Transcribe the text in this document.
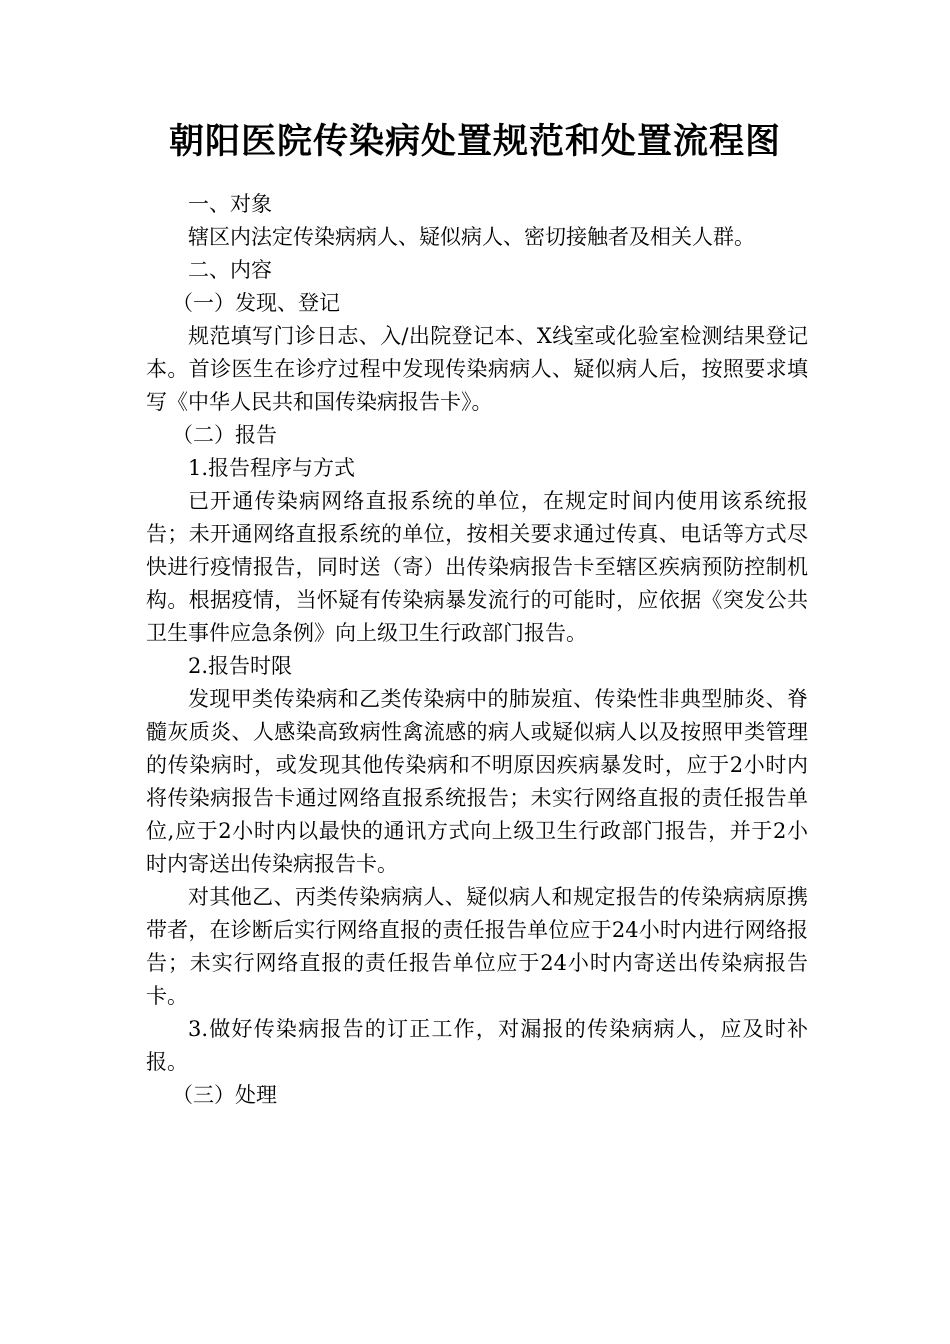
朝阳医院传染病处置规范和处置流程图

一、对象

辖区内法定传染病病人、疑似病人、密切接触者及相关人群。

二、内容

（一）发现、登记

规范填写门诊日志、入/出院登记本、X线室或化验室检测结果登记本。首诊医生在诊疗过程中发现传染病病人、疑似病人后，按照要求填写《中华人民共和国传染病报告卡》。

（二）报告

1.报告程序与方式

已开通传染病网络直报系统的单位，在规定时间内使用该系统报告；未开通网络直报系统的单位，按相关要求通过传真、电话等方式尽快进行疫情报告，同时送（寄）出传染病报告卡至辖区疾病预防控制机构。根据疫情，当怀疑有传染病暴发流行的可能时，应依据《突发公共卫生事件应急条例》向上级卫生行政部门报告。

2.报告时限

发现甲类传染病和乙类传染病中的肺炭疽、传染性非典型肺炎、脊髓灰质炎、人感染高致病性禽流感的病人或疑似病人以及按照甲类管理的传染病时，或发现其他传染病和不明原因疾病暴发时，应于2小时内将传染病报告卡通过网络直报系统报告；未实行网络直报的责任报告单位,应于2小时内以最快的通讯方式向上级卫生行政部门报告，并于2小时内寄送出传染病报告卡。

对其他乙、丙类传染病病人、疑似病人和规定报告的传染病病原携带者，在诊断后实行网络直报的责任报告单位应于24小时内进行网络报告；未实行网络直报的责任报告单位应于24小时内寄送出传染病报告卡。

3.做好传染病报告的订正工作，对漏报的传染病病人，应及时补报。

（三）处理
